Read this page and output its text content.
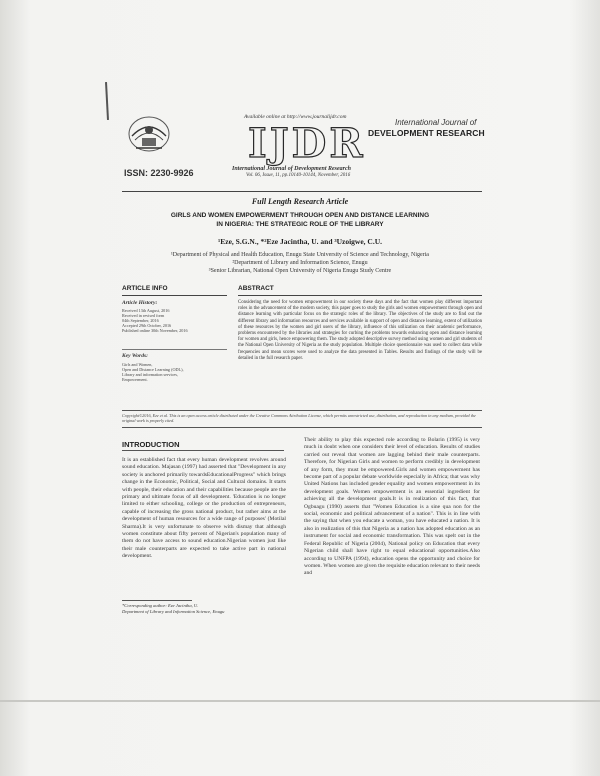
ISSN: 2230-9926
Available online at http://www.journalijdr.com
IJDR
International Journal of Development Research
Vol. 06, Issue, 11, pp.10140-10144, November, 2016
International Journal of
DEVELOPMENT RESEARCH
Full Length Research Article
GIRLS AND WOMEN EMPOWERMENT THROUGH OPEN AND DISTANCE LEARNING
IN NIGERIA: THE STRATEGIC ROLE OF THE LIBRARY
¹Eze, S.G.N., *²Eze Jacintha, U. and ³Uzoigwe, C.U.
¹Department of Physical and Health Education, Enugu State University of Science and Technology, Nigeria
²Department of Library and Information Science, Enugu
³Senior Librarian, National Open University of Nigeria Enugu Study Centre
ARTICLE INFO	ABSTRACT
Article History:
Received 13th August, 2016
Received in revised form
04th September, 2016
Accepted 29th October, 2016
Published online 30th November, 2016
Key Words:
Girls and Women,
Open and Distance Learning (ODL),
Library and information services,
Empowerment.
Considering the need for women empowerment in our society these days and the fact that women play different important roles in the advancement of the modern society, this paper goes to study the girls and women empowerment through open and distance learning with particular focus on the strategic roles of the library. The objectives of the study are to find out the different library and information resources and services available in support of open and distance learning, extent of utilization of these resources by the women and girl users of the library, influence of this utilization on their academic performance, problems encountered by the libraries and strategies for curbing the problems towards enhancing open and distance learning for women and girls, hence empowering them. The study adopted descriptive survey method using women and girl students of the National Open University of Nigeria as the study population. Multiple choice questionnaire was used to collect data while frequencies and mean scores were used to analyze the data presented in Tables. Results and findings of the study will be detailed in the full research paper.
Copyright©2016, Eze et al. This is an open access article distributed under the Creative Commons Attribution License, which permits unrestricted use, distribution, and reproduction in any medium, provided the original work is properly cited.
INTRODUCTION
It is an established fact that every human development revolves around sound education. Majasan (1997) had asserted that "Development in any society is anchored primarily towardsEducationalProgress" which brings change in the Economic, Political, Social and Cultural domains. It starts with people, their education and their capabilities because people are the primary and ultimate focus of all development. 'Education is no longer limited to either schooling, college or the production of entrepreneurs, capable of increasing the gross national product, but rather aims at the development of human resources for a wide range of purposes' (Motilal Sharma).It is very unfortunate to observe with dismay that although women constitute about fifty percent of Nigerian's population many of them do not have access to sound education.Nigerian women just like their male counterparts are expected to take active part in national development.
Their ability to play this expected role according to Bolarin (1995) is very much in doubt when one considers their level of education. Results of studies carried out reveal that women are lagging behind their male counterparts. Therefore, for Nigerian Girls and women to perform credibly in development of any form, they must be empowered.Girls and women empowerment has become part of a popular debate worldwide especially in Africa; that was why United Nations has included gender equality and women empowerment in its development goals. Women empowerment is an essential ingredient for achieving all the development goals.It is in realization of this fact, that Ogbuagu (1990) asserts that "Women Education is a sine qua non for the social, economic and political advancement of a nation". This is in line with the saying that when you educate a woman, you have educated a nation. It is also in realization of this that Nigeria as a nation has adopted education as an instrument for social and economic transformation. This was spelt out in the Federal Republic of Nigeria (2004), National policy on Education that every Nigerian child shall have right to equal educational opportunities.Also according to UNFPA (1994), education opens the opportunity and choice for women. When women are given the requisite education relevant to their needs and
*Corresponding author: Eze Jacintha, U.
Department of Library and Information Science, Enugu
